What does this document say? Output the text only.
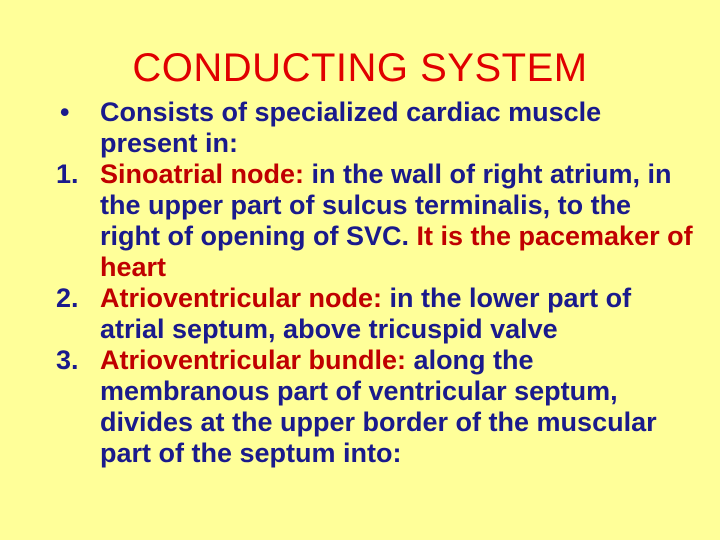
CONDUCTING SYSTEM
• Consists of specialized cardiac muscle present in:
1. Sinoatrial node: in the wall of right atrium, in the upper part of sulcus terminalis, to the right of opening of SVC. It is the pacemaker of heart
2. Atrioventricular node: in the lower part of atrial septum, above tricuspid valve
3. Atrioventricular bundle: along the membranous part of ventricular septum, divides at the upper border of the muscular part of the septum into:
